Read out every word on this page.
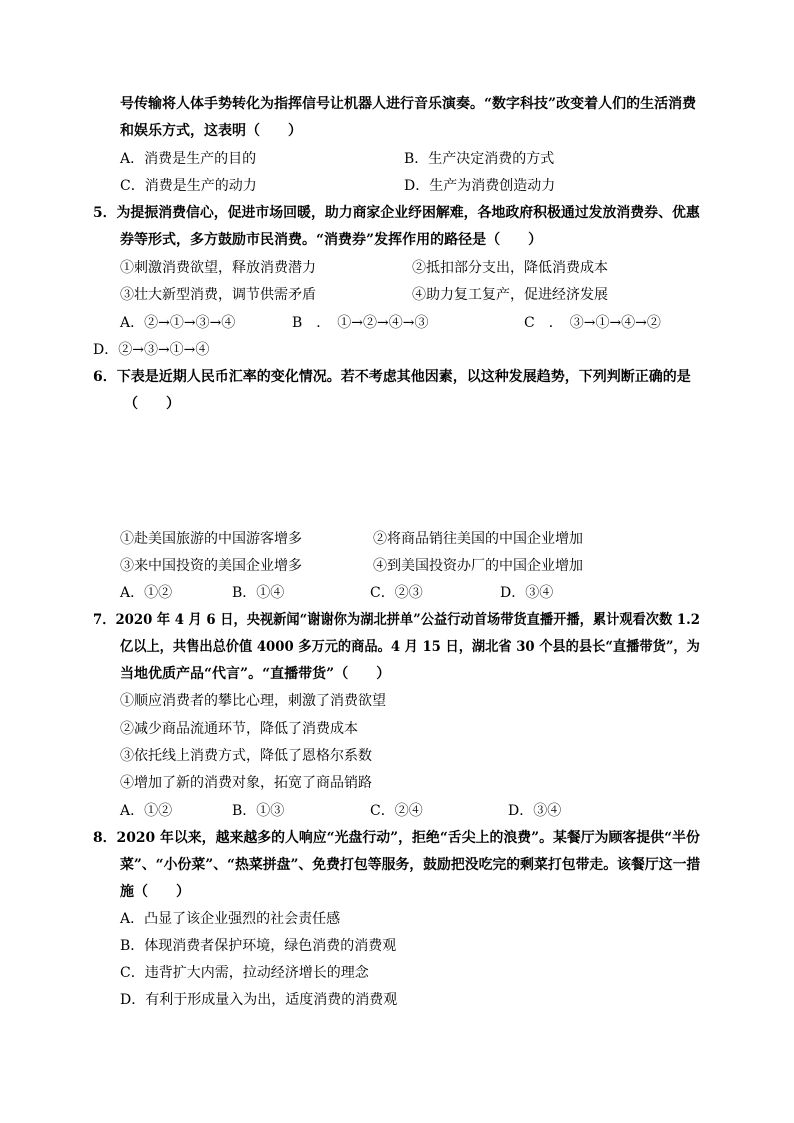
号传输将人体手势转化为指挥信号让机器人进行音乐演奏。“数字科技”改变着人们的生活消费
和娱乐方式，这表明（　　）
A．消费是生产的目的	B．生产决定消费的方式
C．消费是生产的动力	D．生产为消费创造动力
5．为提振消费信心，促进市场回暖，助力商家企业纾困解难，各地政府积极通过发放消费券、优惠
券等形式，多方鼓励市民消费。“消费券”发挥作用的路径是（　　）
①刺激消费欲望，释放消费潜力	②抵扣部分支出，降低消费成本
③壮大新型消费，调节供需矛盾	④助力复工复产，促进经济发展
A．②→①→③→④	B　．　①→②→④→③	C　．　③→①→④→②
D．②→③→①→④
6．下表是近期人民币汇率的变化情况。若不考虑其他因素，以这种发展趋势，下列判断正确的是
（　　）
①赴美国旅游的中国游客增多	②将商品销往美国的中国企业增加
③来中国投资的美国企业增多	④到美国投资办厂的中国企业增加
A．①②	B．①④	C．②③	D．③④
7．2020 年 4 月 6 日，央视新闻“谢谢你为湖北拼单”公益行动首场带货直播开播，累计观看次数 1.2
亿以上，共售出总价值 4000 多万元的商品。4 月 15 日，湖北省 30 个县的县长“直播带货”，为
当地优质产品“代言”。“直播带货”（　　）
①顺应消费者的攀比心理，刺激了消费欲望
②减少商品流通环节，降低了消费成本
③依托线上消费方式，降低了恩格尔系数
④增加了新的消费对象，拓宽了商品销路
A．①②	B．①③	C．②④	D．③④
8．2020 年以来，越来越多的人响应“光盘行动”，拒绝“舌尖上的浪费”。某餐厅为顾客提供“半份
菜”、“小份菜”、“热菜拼盘”、免费打包等服务，鼓励把没吃完的剩菜打包带走。该餐厅这一措
施（　　）
A．凸显了该企业强烈的社会责任感
B．体现消费者保护环境，绿色消费的消费观
C．违背扩大内需，拉动经济增长的理念
D．有利于形成量入为出，适度消费的消费观
